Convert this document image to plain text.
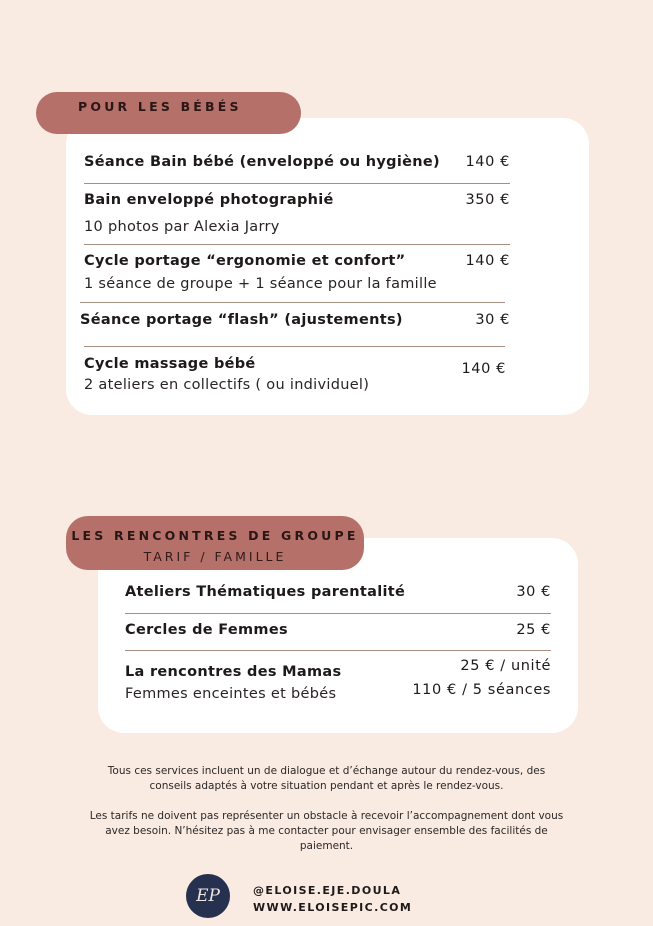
POUR LES BÉBÉS
Séance Bain bébé (enveloppé ou hygiène) 140 €
Bain enveloppé photographié	350 €
10 photos par Alexia Jarry
Cycle portage “ergonomie et confort”	140 €
1 séance de groupe + 1 séance pour la famille
Séance portage “flash” (ajustements)	30 €
Cycle massage bébé	140 €
2 ateliers en collectifs ( ou individuel)
LES RENCONTRES DE GROUPE
TARIF / FAMILLE
Ateliers Thématiques parentalité	30 €
Cercles de Femmes	25 €
La rencontres des Mamas	25 € / unité
110 € / 5 séances
Femmes enceintes et bébés
Tous ces services incluent un de dialogue et d’échange autour du rendez-vous, des
conseils adaptés à votre situation pendant et après le rendez-vous.
Les tarifs ne doivent pas représenter un obstacle à recevoir l’accompagnement dont vous
avez besoin. N’hésitez pas à me contacter pour envisager ensemble des facilités de
paiement.
EP	@ELOISE.EJE.DOULA
WWW.ELOISEPIC.COM
